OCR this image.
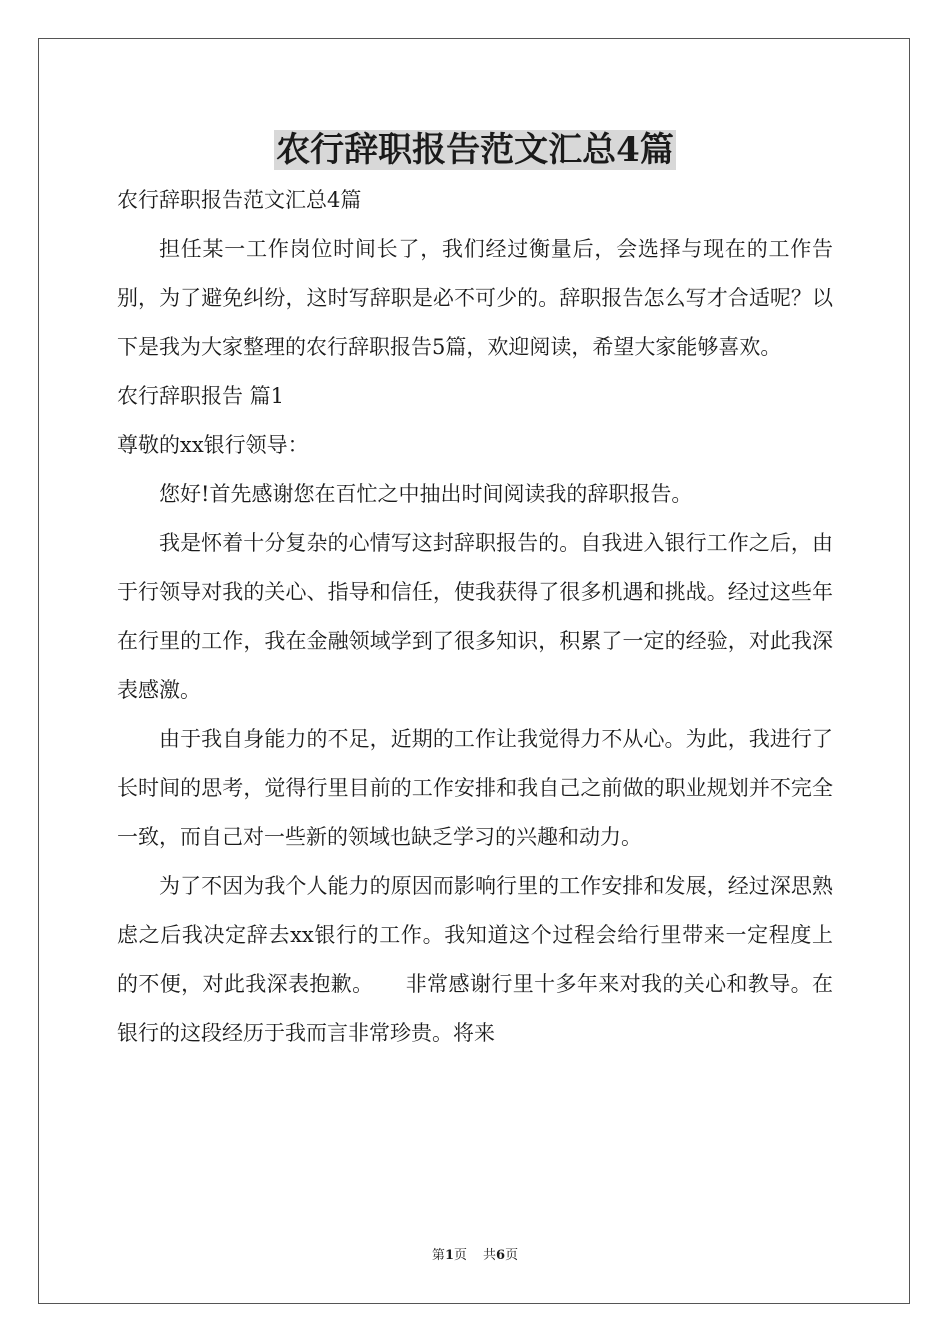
农行辞职报告范文汇总4篇

农行辞职报告范文汇总4篇

担任某一工作岗位时间长了，我们经过衡量后，会选择与现在的工作告别，为了避免纠纷，这时写辞职是必不可少的。辞职报告怎么写才合适呢？以下是我为大家整理的农行辞职报告5篇，欢迎阅读，希望大家能够喜欢。

农行辞职报告 篇1

尊敬的xx银行领导：

您好!首先感谢您在百忙之中抽出时间阅读我的辞职报告。

我是怀着十分复杂的心情写这封辞职报告的。自我进入银行工作之后，由于行领导对我的关心、指导和信任，使我获得了很多机遇和挑战。经过这些年在行里的工作，我在金融领域学到了很多知识，积累了一定的经验，对此我深表感激。

由于我自身能力的不足，近期的工作让我觉得力不从心。为此，我进行了长时间的思考，觉得行里目前的工作安排和我自己之前做的职业规划并不完全一致，而自己对一些新的领域也缺乏学习的兴趣和动力。

为了不因为我个人能力的原因而影响行里的工作安排和发展，经过深思熟虑之后我决定辞去xx银行的工作。我知道这个过程会给行里带来一定程度上的不便，对此我深表抱歉。　　非常感谢行里十多年来对我的关心和教导。在银行的这段经历于我而言非常珍贵。将来

第1页 共6页
